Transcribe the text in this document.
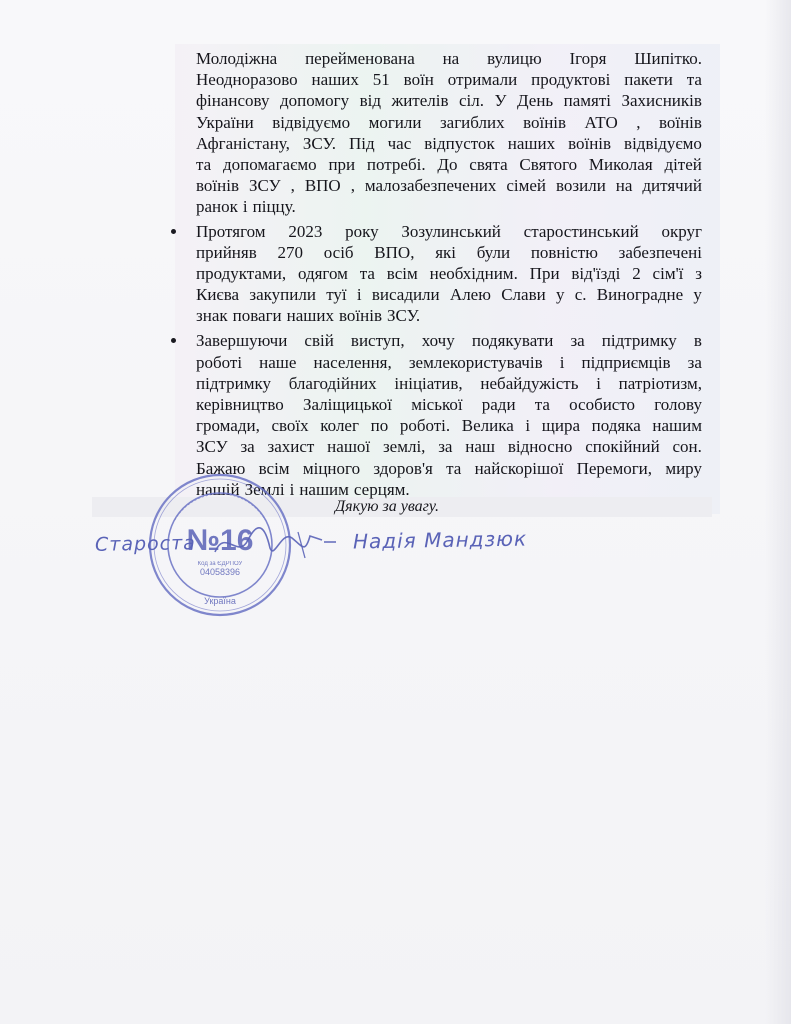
Молодіжна перейменована на вулицю Ігоря Шипітко.
Неодноразово наших 51 воїн отримали продуктові пакети та
фінансову допомогу від жителів сіл. У День памяті Захисників
України відвідуємо могили загиблих воїнів АТО , воїнів
Афганістану, ЗСУ. Під час відпусток наших воїнів відвідуємо
та допомагаємо при потребі. До свята Святого Миколая дітей
воїнів ЗСУ , ВПО , малозабезпечених сімей возили на дитячий
ранок і піццу.
Протягом 2023 року Зозулинський старостинський округ
прийняв 270 осіб ВПО, які були повністю забезпечені
продуктами, одягом та всім необхідним. При від'їзді 2 сім'ї з
Києва закупили туї і висадили Алею Слави у с. Виноградне у
знак поваги наших воїнів ЗСУ.
Завершуючи свій виступ, хочу подякувати за підтримку в
роботі наше населення, землекористувачів і підприємців за
підтримку благодійних ініціатив, небайдужість і патріотизм,
керівництво Заліщицької міської ради та особисто голову
громади, своїх колег по роботі. Велика і щира подяка нашим
ЗСУ за захист нашої землі, за наш відносно спокійний сон.
Бажаю всім міцного здоров'я та найскорішої Перемоги, миру
нашій Землі і нашим серцям.
Дякую за увагу.
№16
Код за ЄДРПОУ
04058396
Україна
Староста	Надія Мандзюк
